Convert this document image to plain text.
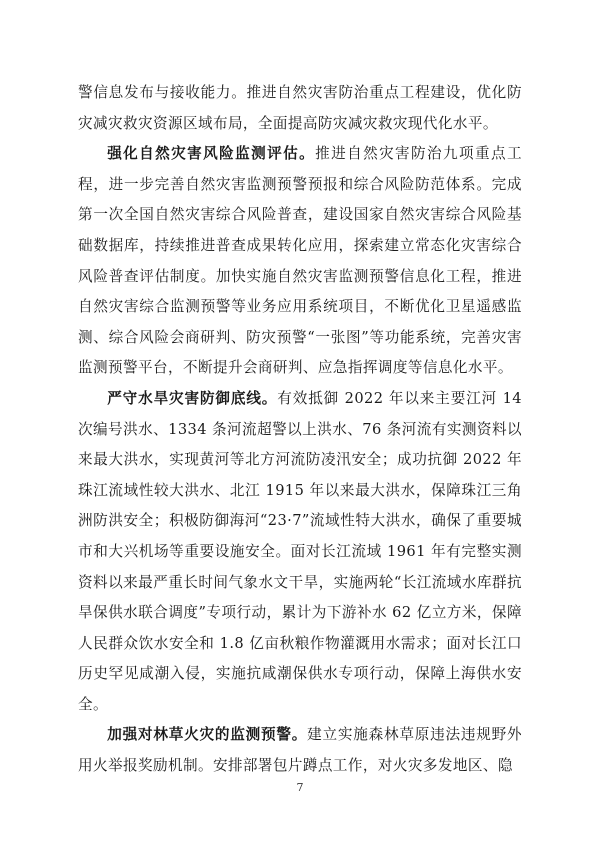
警信息发布与接收能力。推进自然灾害防治重点工程建设，优化防灾减灾救灾资源区域布局，全面提高防灾减灾救灾现代化水平。

强化自然灾害风险监测评估。推进自然灾害防治九项重点工程，进一步完善自然灾害监测预警预报和综合风险防范体系。完成第一次全国自然灾害综合风险普查，建设国家自然灾害综合风险基础数据库，持续推进普查成果转化应用，探索建立常态化灾害综合风险普查评估制度。加快实施自然灾害监测预警信息化工程，推进自然灾害综合监测预警等业务应用系统项目，不断优化卫星遥感监测、综合风险会商研判、防灾预警“一张图”等功能系统，完善灾害监测预警平台，不断提升会商研判、应急指挥调度等信息化水平。

严守水旱灾害防御底线。有效抵御 2022 年以来主要江河 14 次编号洪水、1334 条河流超警以上洪水、76 条河流有实测资料以来最大洪水，实现黄河等北方河流防凌汛安全；成功抗御 2022 年珠江流域性较大洪水、北江 1915 年以来最大洪水，保障珠江三角洲防洪安全；积极防御海河“23·7”流域性特大洪水，确保了重要城市和大兴机场等重要设施安全。面对长江流域 1961 年有完整实测资料以来最严重长时间气象水文干旱，实施两轮“长江流域水库群抗旱保供水联合调度”专项行动，累计为下游补水 62 亿立方米，保障人民群众饮水安全和 1.8 亿亩秋粮作物灌溉用水需求；面对长江口历史罕见咸潮入侵，实施抗咸潮保供水专项行动，保障上海供水安全。

加强对林草火灾的监测预警。建立实施森林草原违法违规野外用火举报奖励机制。安排部署包片蹲点工作，对火灾多发地区、隐

7
